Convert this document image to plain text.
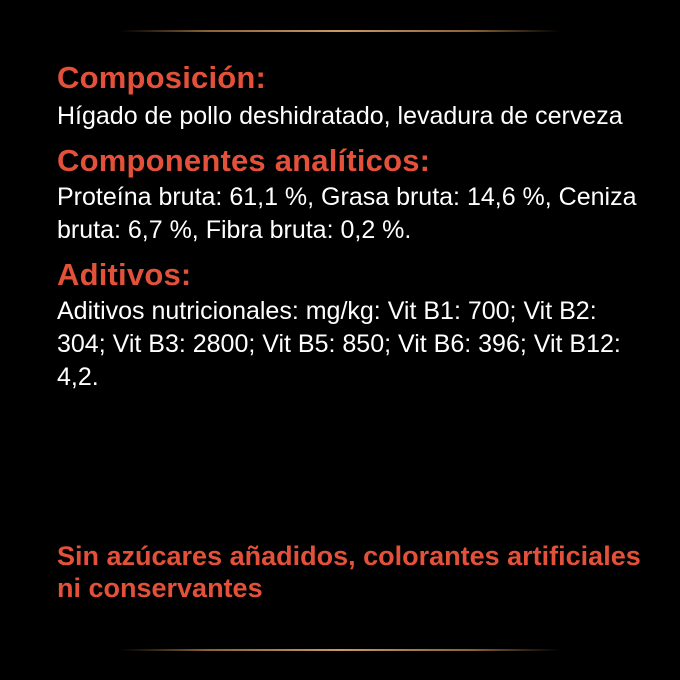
Composición:

Hígado de pollo deshidratado, levadura de cerveza

Componentes analíticos:

Proteína bruta: 61,1 %, Grasa bruta: 14,6 %, Ceniza bruta: 6,7 %, Fibra bruta: 0,2 %.

Aditivos:

Aditivos nutricionales: mg/kg: Vit B1: 700; Vit B2: 304; Vit B3: 2800; Vit B5: 850; Vit B6: 396; Vit B12: 4,2.

Sin azúcares añadidos, colorantes artificiales ni conservantes
